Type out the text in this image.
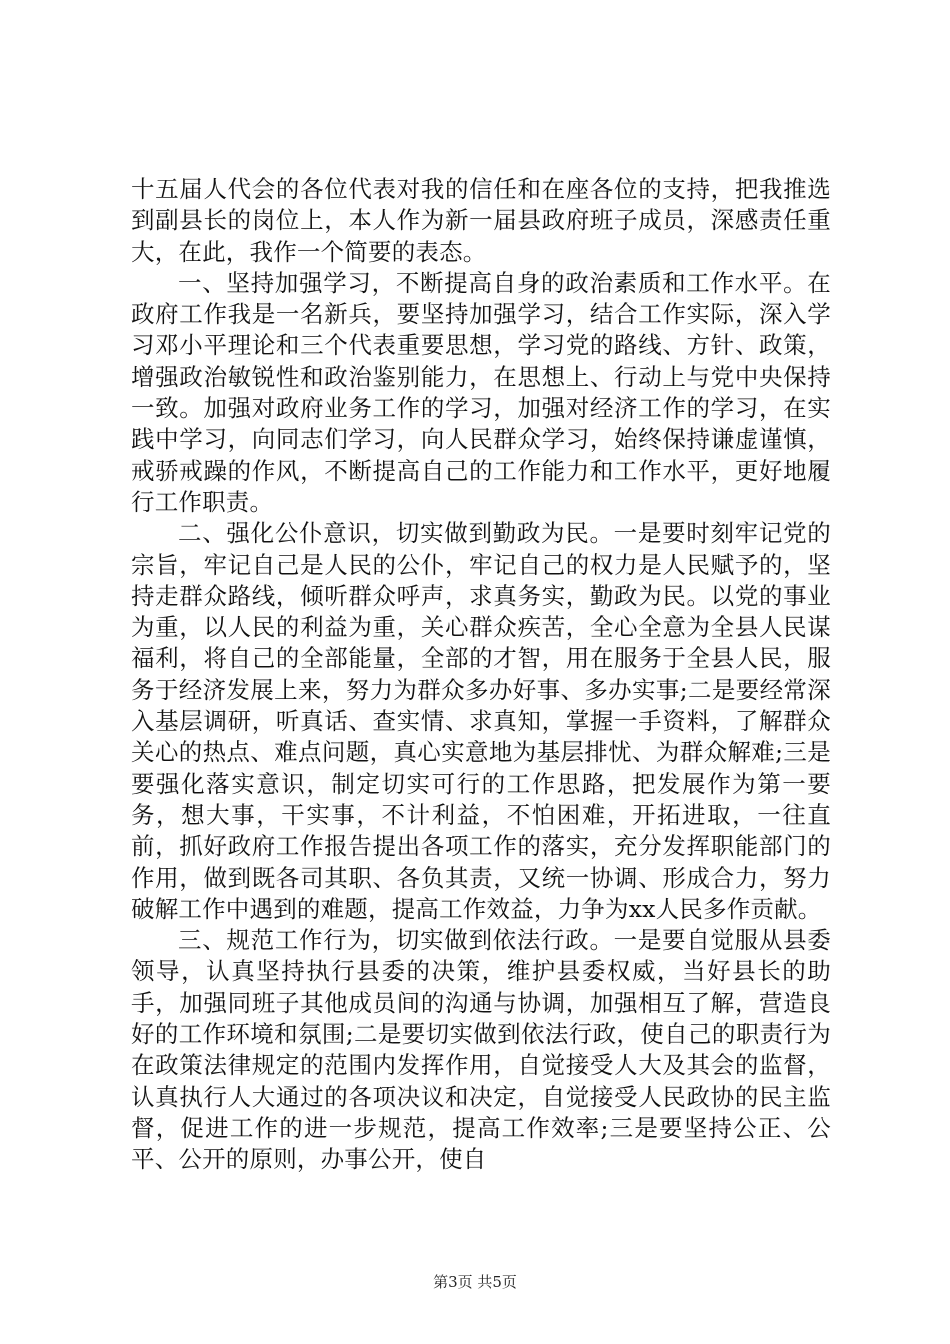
十五届人代会的各位代表对我的信任和在座各位的支持，把我推选到副县长的岗位上，本人作为新一届县政府班子成员，深感责任重大，在此，我作一个简要的表态。

一、坚持加强学习，不断提高自身的政治素质和工作水平。在政府工作我是一名新兵，要坚持加强学习，结合工作实际，深入学习邓小平理论和三个代表重要思想，学习党的路线、方针、政策，增强政治敏锐性和政治鉴别能力，在思想上、行动上与党中央保持一致。加强对政府业务工作的学习，加强对经济工作的学习，在实践中学习，向同志们学习，向人民群众学习，始终保持谦虚谨慎，戒骄戒躁的作风，不断提高自己的工作能力和工作水平，更好地履行工作职责。

二、强化公仆意识，切实做到勤政为民。一是要时刻牢记党的宗旨，牢记自己是人民的公仆，牢记自己的权力是人民赋予的，坚持走群众路线，倾听群众呼声，求真务实，勤政为民。以党的事业为重，以人民的利益为重，关心群众疾苦，全心全意为全县人民谋福利，将自己的全部能量，全部的才智，用在服务于全县人民，服务于经济发展上来，努力为群众多办好事、多办实事;二是要经常深入基层调研，听真话、查实情、求真知，掌握一手资料，了解群众关心的热点、难点问题，真心实意地为基层排忧、为群众解难;三是要强化落实意识，制定切实可行的工作思路，把发展作为第一要务，想大事，干实事，不计利益，不怕困难，开拓进取，一往直前，抓好政府工作报告提出各项工作的落实，充分发挥职能部门的作用，做到既各司其职、各负其责，又统一协调、形成合力，努力破解工作中遇到的难题，提高工作效益，力争为xx人民多作贡献。

三、规范工作行为，切实做到依法行政。一是要自觉服从县委领导，认真坚持执行县委的决策，维护县委权威，当好县长的助手，加强同班子其他成员间的沟通与协调，加强相互了解，营造良好的工作环境和氛围;二是要切实做到依法行政，使自己的职责行为在政策法律规定的范围内发挥作用，自觉接受人大及其会的监督，认真执行人大通过的各项决议和决定，自觉接受人民政协的民主监督，促进工作的进一步规范，提高工作效率;三是要坚持公正、公平、公开的原则，办事公开，使自

第3页 共5页
